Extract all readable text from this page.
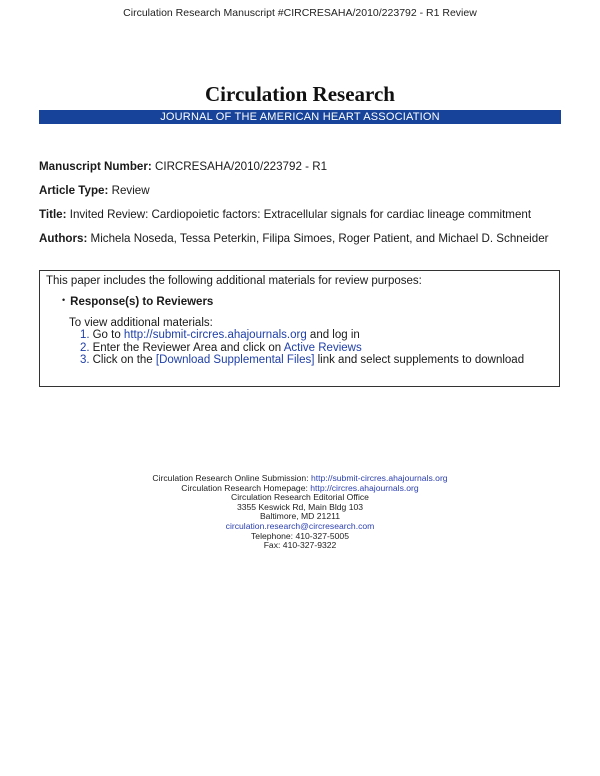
Circulation Research Manuscript #CIRCRESAHA/2010/223792 - R1 Review
Circulation Research
JOURNAL OF THE AMERICAN HEART ASSOCIATION
Manuscript Number: CIRCRESAHA/2010/223792 - R1
Article Type: Review
Title: Invited Review: Cardiopoietic factors: Extracellular signals for cardiac lineage commitment
Authors: Michela Noseda, Tessa Peterkin, Filipa Simoes, Roger Patient, and Michael D. Schneider
This paper includes the following additional materials for review purposes:
• Response(s) to Reviewers
To view additional materials:
1. Go to http://submit-circres.ahajournals.org and log in
2. Enter the Reviewer Area and click on Active Reviews
3. Click on the [Download Supplemental Files] link and select supplements to download
Circulation Research Online Submission: http://submit-circres.ahajournals.org
Circulation Research Homepage: http://circres.ahajournals.org
Circulation Research Editorial Office
3355 Keswick Rd, Main Bldg 103
Baltimore, MD 21211
circulation.research@circresearch.com
Telephone: 410-327-5005
Fax: 410-327-9322
